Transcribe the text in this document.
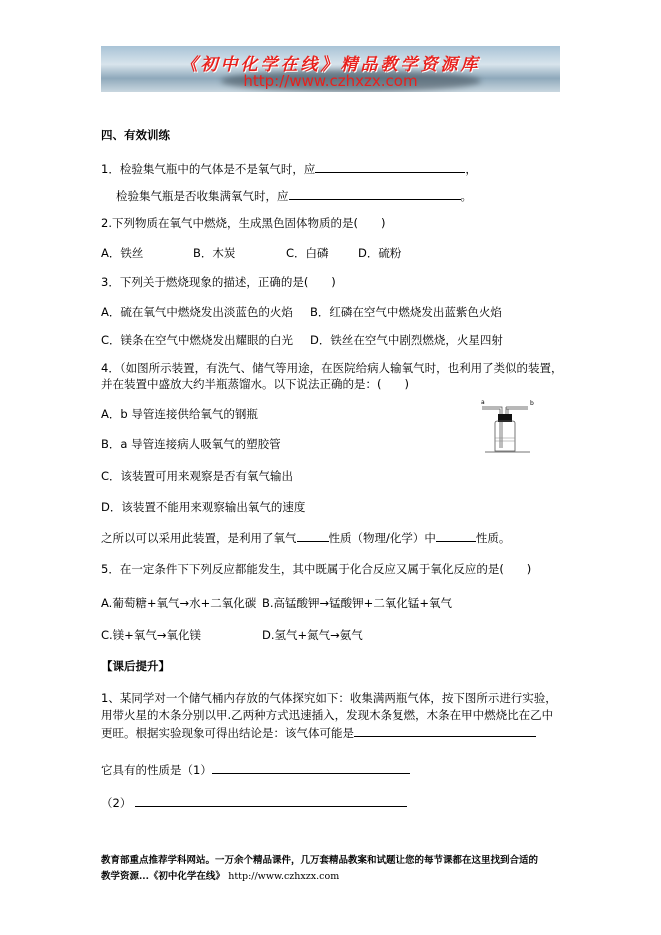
《初中化学在线》精品教学资源库
http://www.czhxzx.com
四、有效训练
1．检验集气瓶中的气体是不是氧气时，应	，
检验集气瓶是否收集满氧气时，应	。
2.下列物质在氧气中燃烧，生成黑色固体物质的是(　　)
A．铁丝	B．木炭	C．白磷	D．硫粉
3．下列关于燃烧现象的描述，正确的是(　　)
A．硫在氧气中燃烧发出淡蓝色的火焰 B．红磷在空气中燃烧发出蓝紫色火焰
C．镁条在空气中燃烧发出耀眼的白光 D．铁丝在空气中剧烈燃烧，火星四射
4．（如图所示装置，有洗气、储气等用途，在医院给病人输氧气时，也利用了类似的装置，
并在装置中盛放大约半瓶蒸馏水。以下说法正确的是：(　　)
A．b 导管连接供给氧气的钢瓶
B．a 导管连接病人吸氧气的塑胶管
C．该装置可用来观察是否有氧气输出
D．该装置不能用来观察输出氧气的速度
a	b
之所以可以采用此装置，是利用了氧气	性质（物理/化学）中	性质。
5．在一定条件下下列反应都能发生，其中既属于化合反应又属于氧化反应的是(　　)
A.葡萄糖+氧气→水+二氧化碳 B.高锰酸钾→锰酸钾+二氧化锰+氧气
C.镁+氧气→氧化镁	D.氢气+氮气→氨气
【课后提升】
1、某同学对一个储气桶内存放的气体探究如下：收集满两瓶气体，按下图所示进行实验，
用带火星的木条分别以甲.乙两种方式迅速插入，发现木条复燃，木条在甲中燃烧比在乙中
更旺。根据实验现象可得出结论是：该气体可能是
它具有的性质是（1）
（2）
教育部重点推荐学科网站。一万余个精品课件，几万套精品教案和试题让您的每节课都在这里找到合适的
教学资源...《初中化学在线》 http://www.czhxzx.com
